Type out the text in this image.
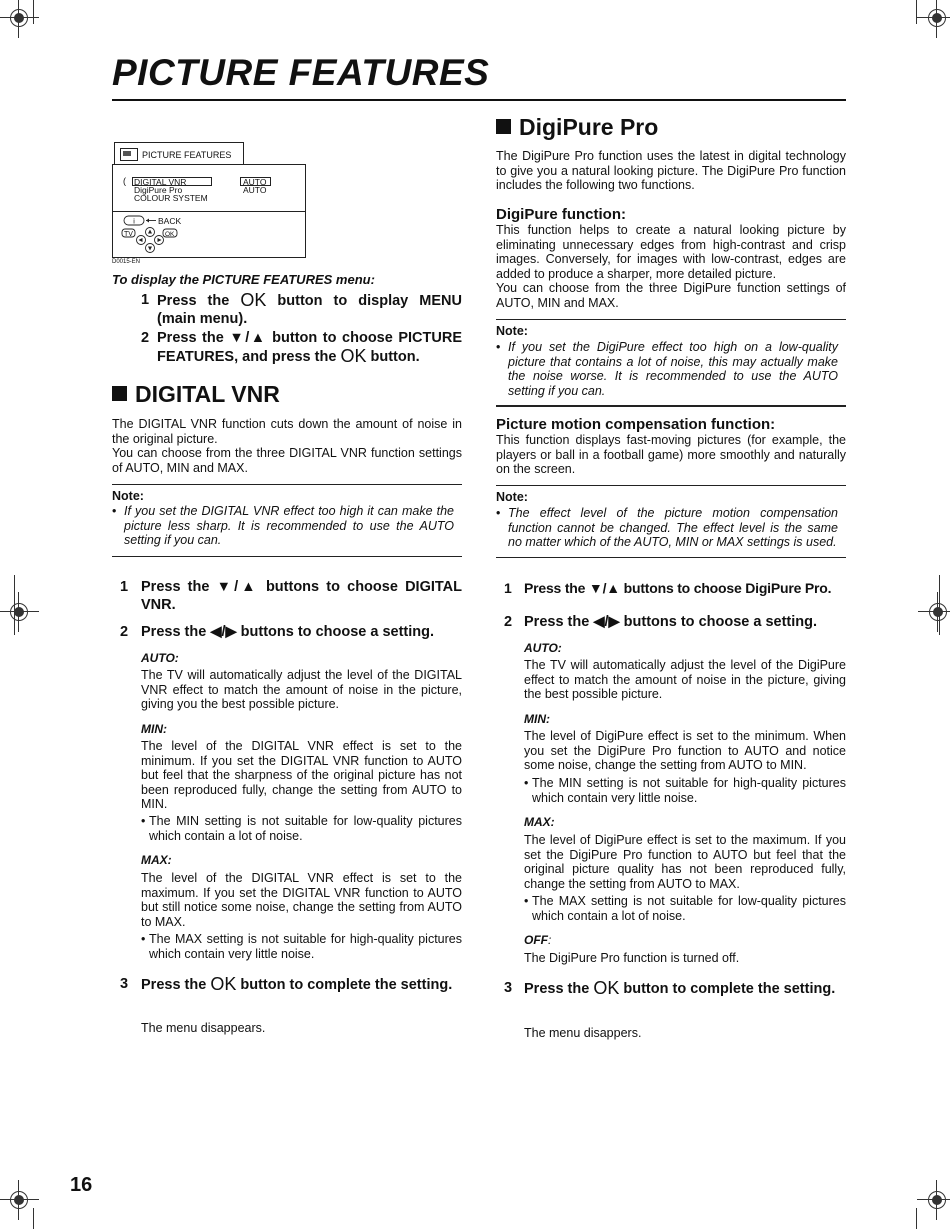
PICTURE FEATURES
PICTURE FEATURES
( DIGITAL VNR
DigiPure Pro
COLOUR SYSTEM
AUTO
AUTO
i	BACK
TV	OK
D0015-EN
To display the PICTURE FEATURES menu:
1 Press the OK button to display MENU (main menu).
2 Press the ▼/▲ button to choose PICTURE FEATURES, and press the OK button.
DIGITAL VNR
The DIGITAL VNR function cuts down the amount of noise in the original picture.
You can choose from the three DIGITAL VNR function settings of AUTO, MIN and MAX.
Note:
• If you set the DIGITAL VNR effect too high it can make the picture less sharp. It is recommended to use the AUTO setting if you can.
1 Press the ▼/▲ buttons to choose DIGITAL VNR.
2 Press the ◀/▶ buttons to choose a setting.
AUTO:
The TV will automatically adjust the level of the DIGITAL VNR effect to match the amount of noise in the picture, giving you the best possible picture.
MIN:
The level of the DIGITAL VNR effect is set to the minimum. If you set the DIGITAL VNR function to AUTO but feel that the sharpness of the original picture has not been reproduced fully, change the setting from AUTO to MIN.
• The MIN setting is not suitable for low-quality pictures which contain a lot of noise.
MAX:
The level of the DIGITAL VNR effect is set to the maximum. If you set the DIGITAL VNR function to AUTO but still notice some noise, change the setting from AUTO to MAX.
• The MAX setting is not suitable for high-quality pictures which contain very little noise.
3 Press the OK button to complete the setting.
The menu disappears.
DigiPure Pro
The DigiPure Pro function uses the latest in digital technology to give you a natural looking picture. The DigiPure Pro function includes the following two functions.
DigiPure function:
This function helps to create a natural looking picture by eliminating unnecessary edges from high-contrast and crisp images. Conversely, for images with low-contrast, edges are added to produce a sharper, more detailed picture.
You can choose from the three DigiPure function settings of AUTO, MIN and MAX.
Note:
• If you set the DigiPure effect too high on a low-quality picture that contains a lot of noise, this may actually make the noise worse. It is recommended to use the AUTO setting if you can.
Picture motion compensation function:
This function displays fast-moving pictures (for example, the players or ball in a football game) more smoothly and naturally on the screen.
Note:
• The effect level of the picture motion compensation function cannot be changed. The effect level is the same no matter which of the AUTO, MIN or MAX settings is used.
1 Press the ▼/▲ buttons to choose DigiPure Pro.
2 Press the ◀/▶ buttons to choose a setting.
AUTO:
The TV will automatically adjust the level of the DigiPure effect to match the amount of noise in the picture, giving the best possible picture.
MIN:
The level of DigiPure effect is set to the minimum. When you set the DigiPure Pro function to AUTO and notice some noise, change the setting from AUTO to MIN.
• The MIN setting is not suitable for high-quality pictures which contain very little noise.
MAX:
The level of DigiPure effect is set to the maximum. If you set the DigiPure Pro function to AUTO but feel that the original picture quality has not been reproduced fully, change the setting from AUTO to MAX.
• The MAX setting is not suitable for low-quality pictures which contain a lot of noise.
OFF:
The DigiPure Pro function is turned off.
3 Press the OK button to complete the setting.
The menu disappers.
16
